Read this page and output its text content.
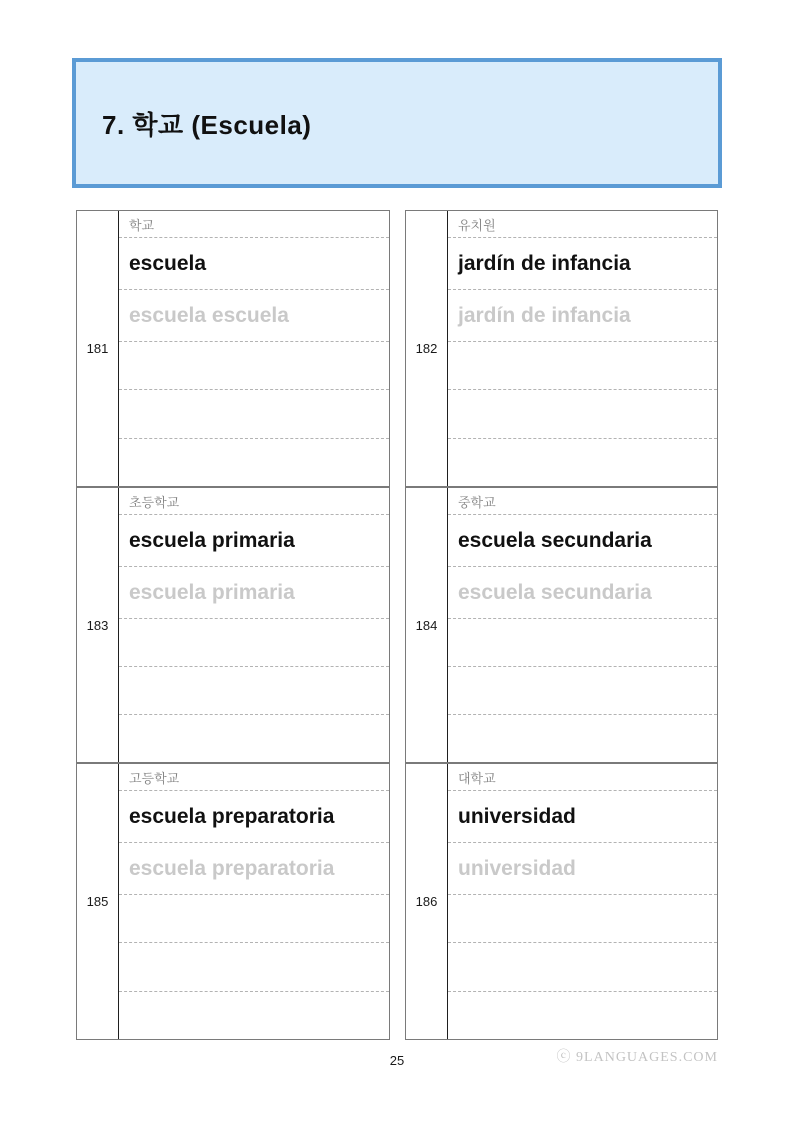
7. 학교 (Escuela)
181
학교
escuela
escuela escuela
182
유치원
jardín de infancia
jardín de infancia
183
초등학교
escuela primaria
escuela primaria
184
중학교
escuela secundaria
escuela secundaria
185
고등학교
escuela preparatoria
escuela preparatoria
186
대학교
universidad
universidad
25	ⓒ 9LANGUAGES.COM
